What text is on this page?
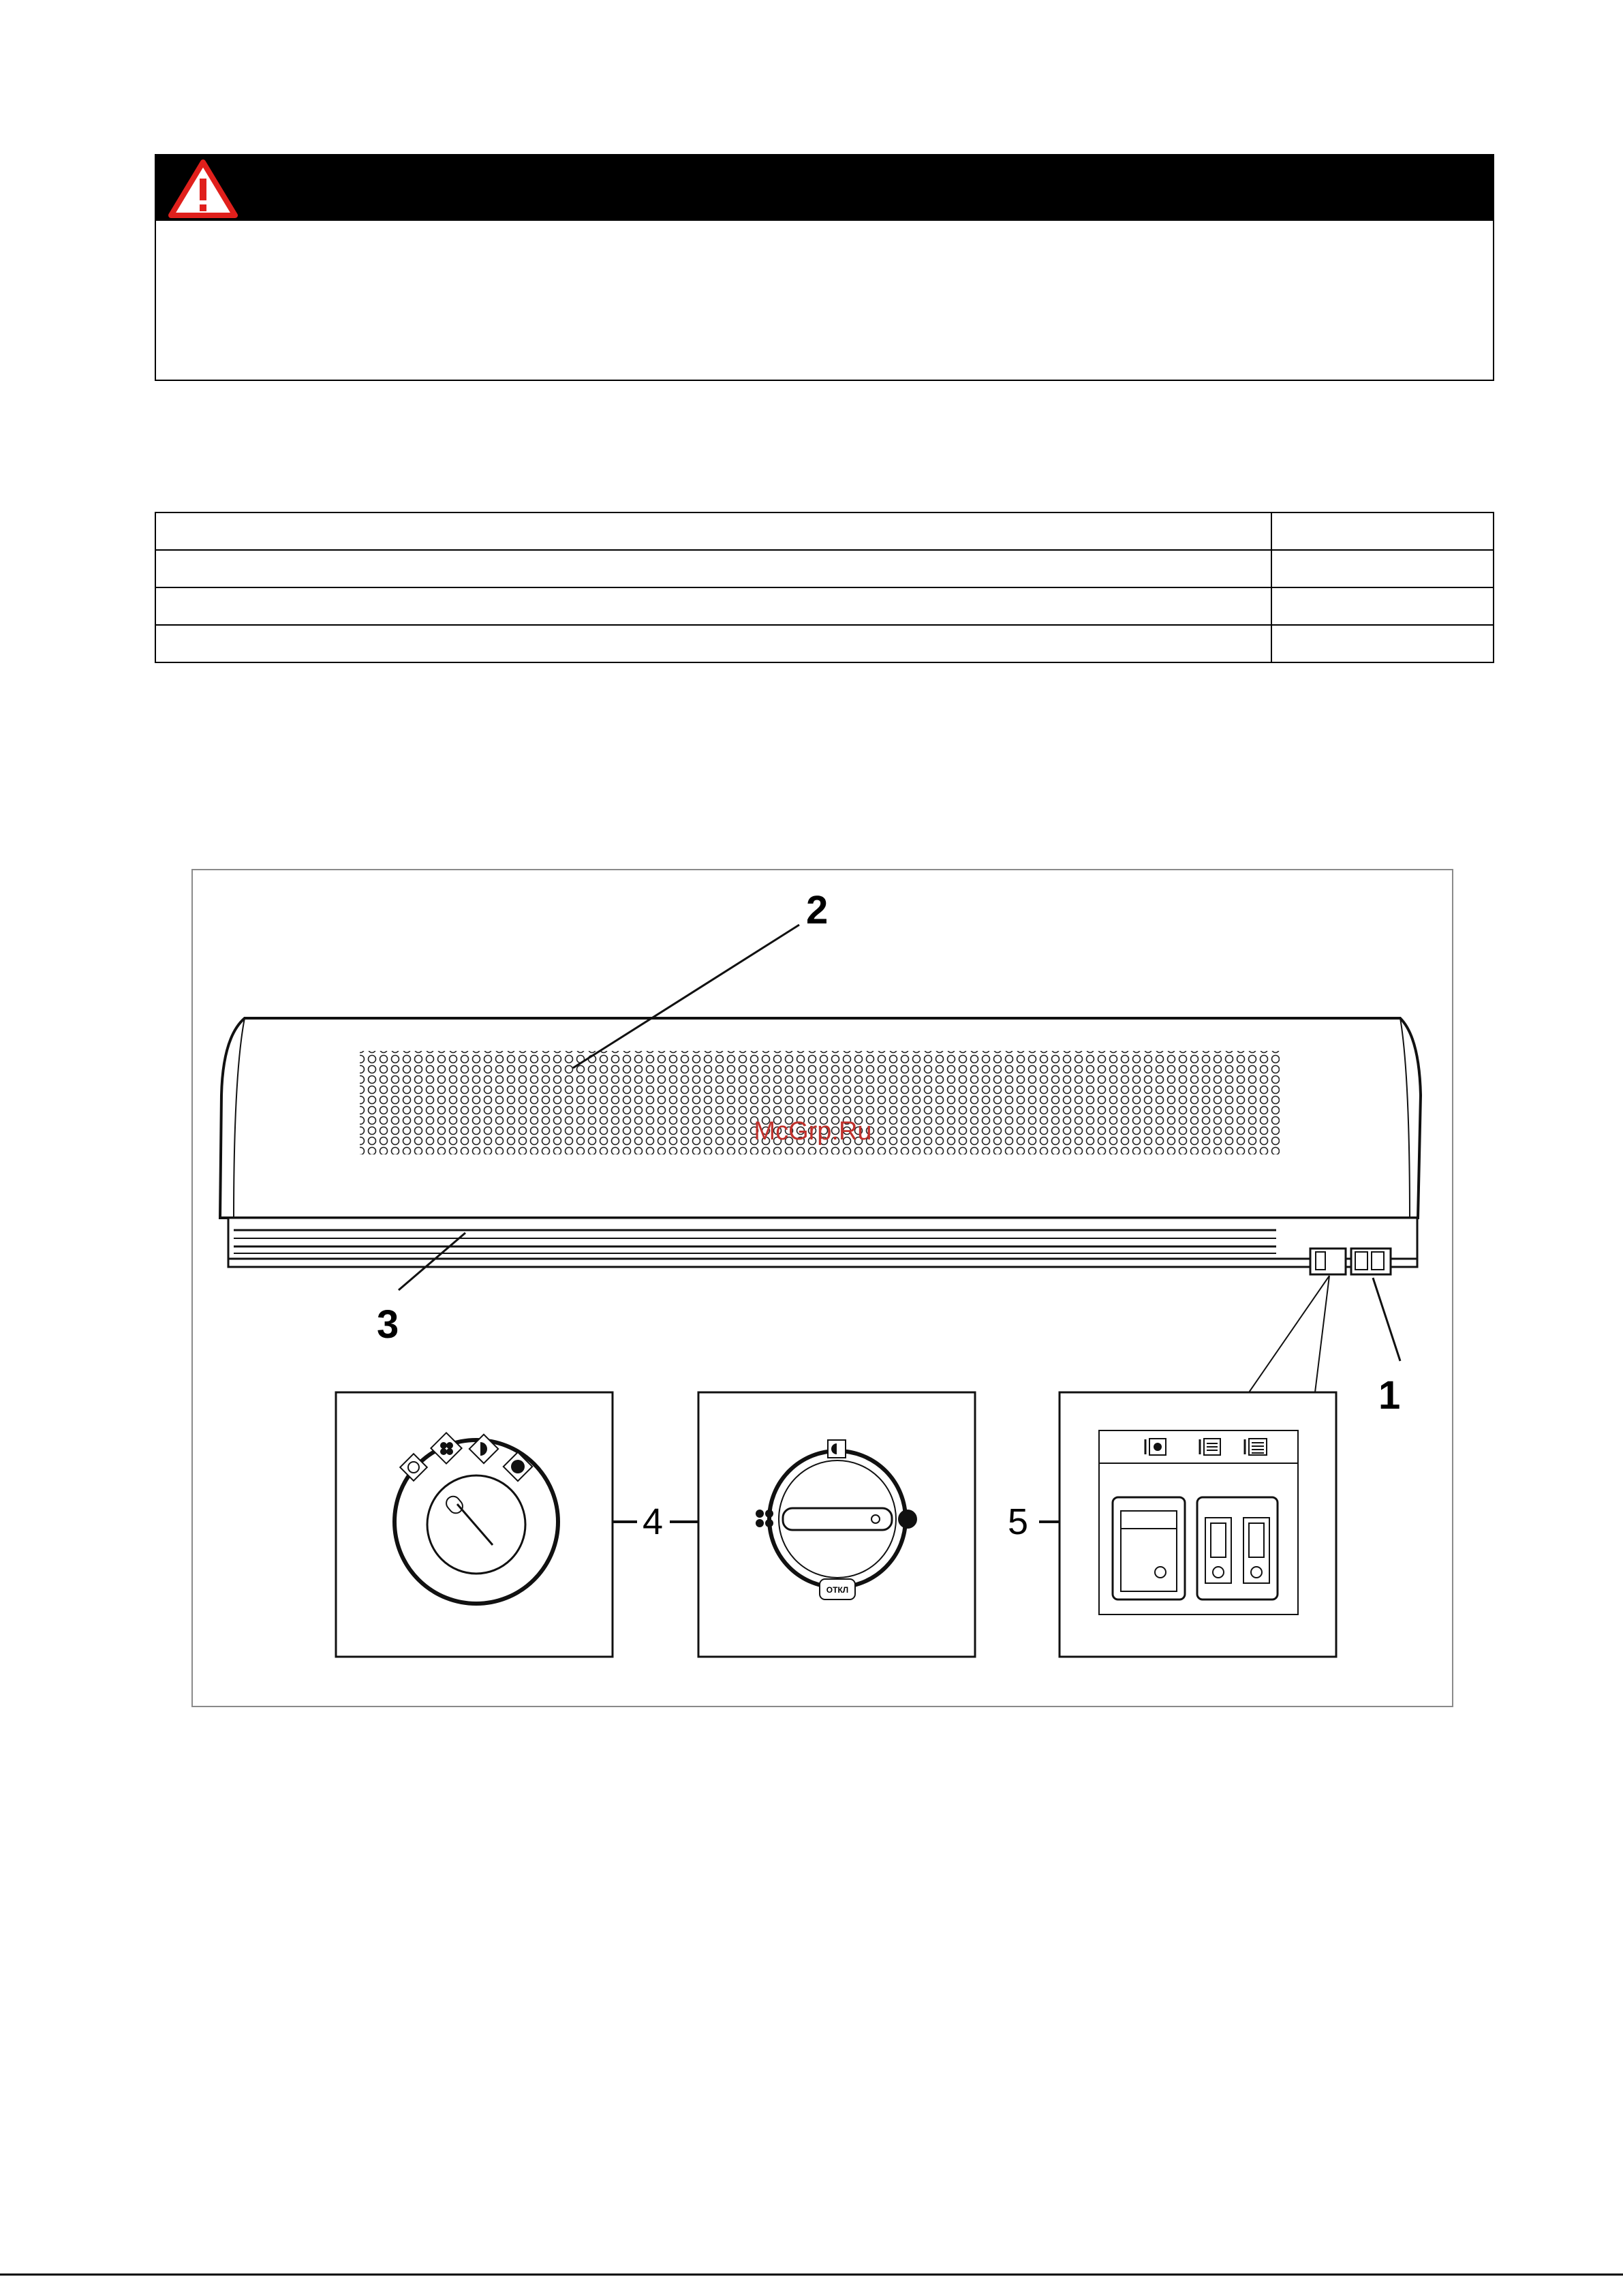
McGrp.Ru
2
3
1
4
ОТКЛ
5
